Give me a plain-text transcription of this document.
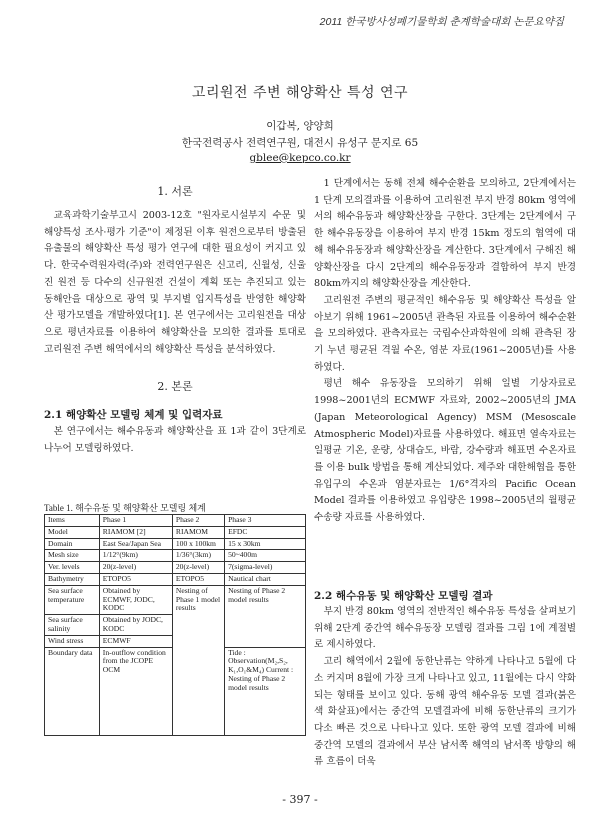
2011 한국방사성폐기물학회 춘계학술대회 논문요약집
고리원전 주변 해양확산 특성 연구
이갑복, 양양희
한국전력공사 전력연구원, 대전시 유성구 문지로 65
gblee@kepco.co.kr
1. 서론

교육과학기술부고시 2003-12호 "원자로시설부지 수문 및 해양특성 조사·평가 기준"이 제정된 이후 원전으로부터 방출된 유출물의 해양확산 특성 평가 연구에 대한 필요성이 커지고 있다. 한국수력원자력(주)와 전력연구원은 신고리, 신월성, 신울진 원전 등 다수의 신규원전 건설이 계획 또는 추진되고 있는 동해안을 대상으로 광역 및 부지별 입지특성을 반영한 해양확산 평가모델을 개발하였다[1]. 본 연구에서는 고리원전을 대상으로 평년자료를 이용하여 해양확산을 모의한 결과를 토대로 고리원전 주변 해역에서의 해양확산 특성을 분석하였다.

2. 본론
2.1 해양확산 모델링 체계 및 입력자료

본 연구에서는 해수유동과 해양확산을 표 1과 같이 3단계로 나누어 모델링하였다.

Table 1. 해수유동 및 해양확산 모델링 체계
Items	Phase 1	Phase 2	Phase 3
Model	RIAMOM [2]	RIAMOM	EFDC
Domain	East Sea/Japan Sea	100 x 100km	15 x 30km
Mesh size	1/12°(9km)	1/36°(3km)	50~400m
Ver. levels	20(z-level)	20(z-level)	7(sigma-level)
Bathymetry	ETOPO5	ETOPO5	Nautical chart
Sea surface temperature	Obtained by ECMWF, JODC, KODC	Nesting of Phase 1 model results	Nesting of Phase 2 model results
Sea surface salinity	Obtained by JODC, KODC		
Wind stress	ECMWF		
Boundary data	In-outflow condition from the JCOPE OCM		Tide : Observation(M₂,S₂, K₁,O₁&M₄) Current : Nesting of Phase 2 model results

1 단계에서는 동해 전체 해수순환을 모의하고, 2단계에서는 1 단계 모의결과를 이용하여 고리원전 부지 반경 80km 영역에서의 해수유동과 해양확산장을 구한다. 3단계는 2단계에서 구한 해수유동장을 이용하여 부지 반경 15km 정도의 협역에 대해 해수유동장과 해양확산장을 계산한다. 3단계에서 구해진 해양확산장을 다시 2단계의 해수유동장과 결합하여 부지 반경 80km까지의 해양확산장을 계산한다.

고리원전 주변의 평균적인 해수유동 및 해양확산 특성을 알아보기 위해 1961~2005년 관측된 자료를 이용하여 해수순환을 모의하였다. 관측자료는 국립수산과학원에 의해 관측된 장기 누년 평균된 격월 수온, 염분 자료(1961~2005년)를 사용하였다.

평년 해수 유동장을 모의하기 위해 일별 기상자료로 1998~2001년의 ECMWF 자료와, 2002~2005년의 JMA (Japan Meteorological Agency) MSM (Mesoscale Atmospheric Model)자료를 사용하였다. 해표면 열속자료는 일평균 기온, 운량, 상대습도, 바람, 강수량과 해표면 수온자료를 이용 bulk 방법을 통해 계산되었다. 제주와 대한해협을 통한 유입구의 수온과 염분자료는 1/6°격자의 Pacific Ocean Model 결과를 이용하였고 유입량은 1998~2005년의 월평균 수송량 자료를 사용하였다.

2.2 해수유동 및 해양확산 모델링 결과

부지 반경 80km 영역의 전반적인 해수유동 특성을 살펴보기 위해 2단계 중간역 해수유동장 모델링 결과를 그림 1에 계절별로 제시하였다.

고리 해역에서 2월에 동한난류는 약하게 나타나고 5월에 다소 커지며 8월에 가장 크게 나타나고 있고, 11월에는 다시 약화되는 형태를 보이고 있다. 동해 광역 해수유동 모델 결과(붉은색 화살표)에서는 중간역 모델결과에 비해 동한난류의 크기가 다소 빠른 것으로 나타나고 있다. 또한 광역 모델 결과에 비해 중간역 모델의 결과에서 부산 남서쪽 해역의 남서쪽 방향의 해류 흐름이 더욱

- 397 -
